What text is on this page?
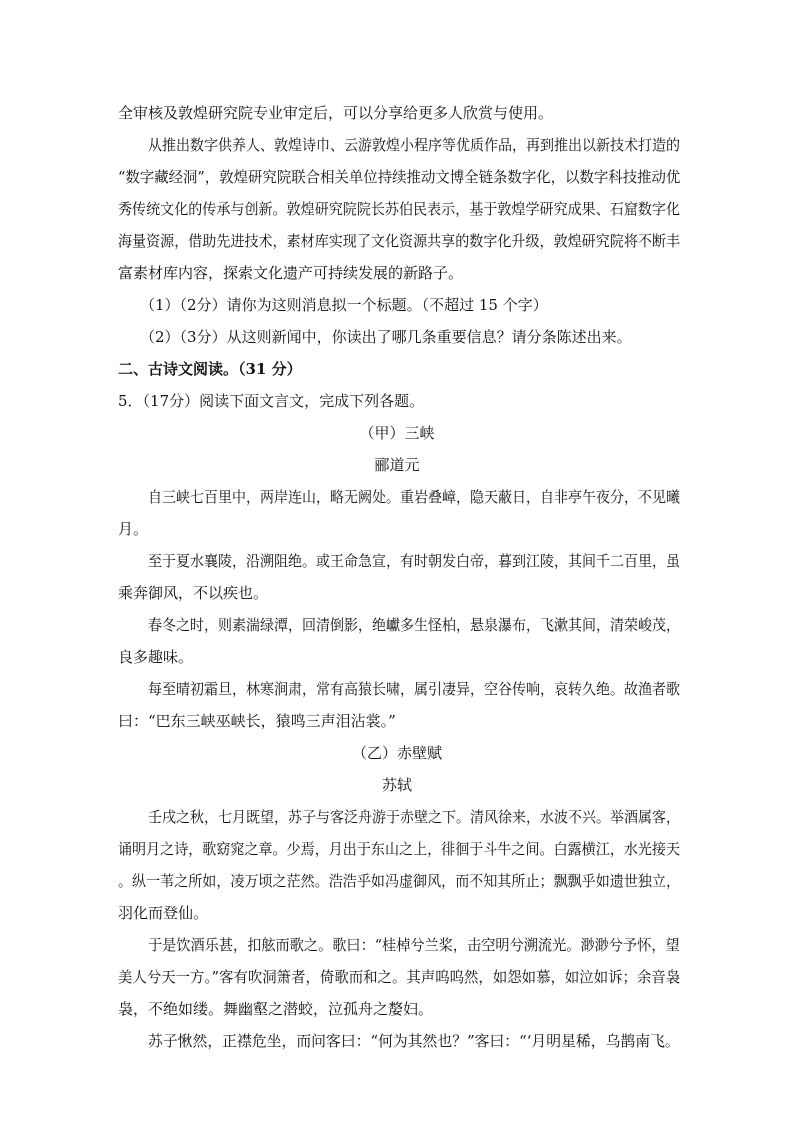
全审核及敦煌研究院专业审定后，可以分享给更多人欣赏与使用。
从推出数字供养人、敦煌诗巾、云游敦煌小程序等优质作品，再到推出以新技术打造的
“数字藏经洞”，敦煌研究院联合相关单位持续推动文博全链条数字化，以数字科技推动优
秀传统文化的传承与创新。敦煌研究院院长苏伯民表示，基于敦煌学研究成果、石窟数字化
海量资源，借助先进技术，素材库实现了文化资源共享的数字化升级，敦煌研究院将不断丰
富素材库内容，探索文化遗产可持续发展的新路子。
（1）（2分）请你为这则消息拟一个标题。（不超过 15 个字）
（2）（3分）从这则新闻中，你读出了哪几条重要信息？请分条陈述出来。
二、古诗文阅读。（31 分）
5．（17分）阅读下面文言文，完成下列各题。
（甲）三峡
郦道元
自三峡七百里中，两岸连山，略无阙处。重岩叠嶂，隐天蔽日，自非亭午夜分，不见曦
月。
至于夏水襄陵，沿溯阻绝。或王命急宣，有时朝发白帝，暮到江陵，其间千二百里，虽
乘奔御风，不以疾也。
春冬之时，则素湍绿潭，回清倒影，绝巘多生怪柏，悬泉瀑布，飞漱其间，清荣峻茂，
良多趣味。
每至晴初霜旦，林寒涧肃，常有高猿长啸，属引凄异，空谷传响，哀转久绝。故渔者歌
曰：“巴东三峡巫峡长，猿鸣三声泪沾裳。”
（乙）赤壁赋
苏轼
壬戌之秋，七月既望，苏子与客泛舟游于赤壁之下。清风徐来，水波不兴。举酒属客，
诵明月之诗，歌窈窕之章。少焉，月出于东山之上，徘徊于斗牛之间。白露横江，水光接天
。纵一苇之所如，凌万顷之茫然。浩浩乎如冯虚御风，而不知其所止；飘飘乎如遗世独立，
羽化而登仙。
于是饮酒乐甚，扣舷而歌之。歌曰：“桂棹兮兰桨，击空明兮溯流光。渺渺兮予怀，望
美人兮天一方。”客有吹洞箫者，倚歌而和之。其声呜呜然，如怨如慕，如泣如诉；余音袅
袅，不绝如缕。舞幽壑之潜蛟，泣孤舟之嫠妇。
苏子愀然，正襟危坐，而问客曰：“何为其然也？”客曰：“‘月明星稀，乌鹊南飞。
